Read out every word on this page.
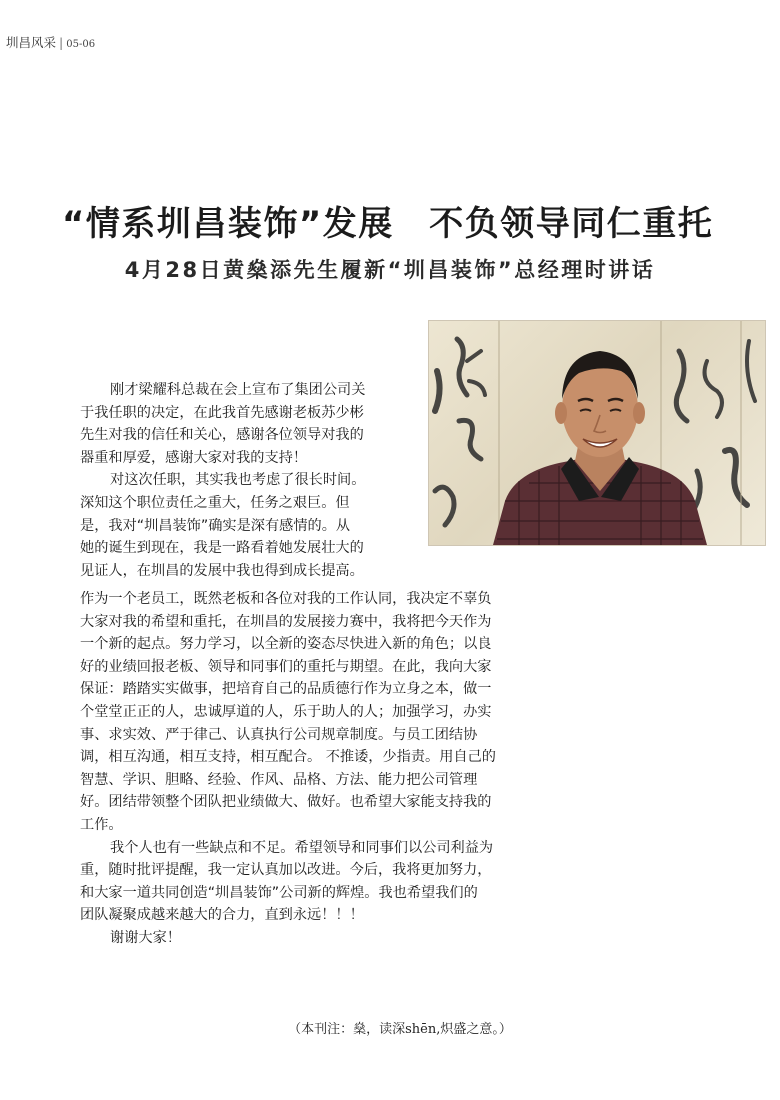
圳昌风采 | 05-06
“情系圳昌装饰”发展　不负领导同仁重托
4月28日黄燊添先生履新“圳昌装饰”总经理时讲话

刚才梁耀科总裁在会上宣布了集团公司关

于我任职的决定，在此我首先感谢老板苏少彬

先生对我的信任和关心，感谢各位领导对我的

器重和厚爱，感谢大家对我的支持！

对这次任职，其实我也考虑了很长时间。

深知这个职位责任之重大，任务之艰巨。但

是，我对“圳昌装饰”确实是深有感情的。从

她的诞生到现在，我是一路看着她发展壮大的

见证人，在圳昌的发展中我也得到成长提高。

作为一个老员工，既然老板和各位对我的工作认同，我决定不辜负

大家对我的希望和重托，在圳昌的发展接力赛中，我将把今天作为

一个新的起点。努力学习，以全新的姿态尽快进入新的角色；以良

好的业绩回报老板、领导和同事们的重托与期望。在此，我向大家

保证：踏踏实实做事，把培育自己的品质德行作为立身之本，做一

个堂堂正正的人，忠诚厚道的人，乐于助人的人；加强学习，办实

事、求实效、严于律己、认真执行公司规章制度。与员工团结协

调，相互沟通，相互支持，相互配合。 不推诿，少指责。用自己的

智慧、学识、胆略、经验、作风、品格、方法、能力把公司管理

好。团结带领整个团队把业绩做大、做好。也希望大家能支持我的

工作。

我个人也有一些缺点和不足。希望领导和同事们以公司利益为

重，随时批评提醒，我一定认真加以改进。今后，我将更加努力，

和大家一道共同创造“圳昌装饰”公司新的辉煌。我也希望我们的

团队凝聚成越来越大的合力，直到永远！！！

谢谢大家！

（本刊注：燊，读深shēn,炽盛之意。）
